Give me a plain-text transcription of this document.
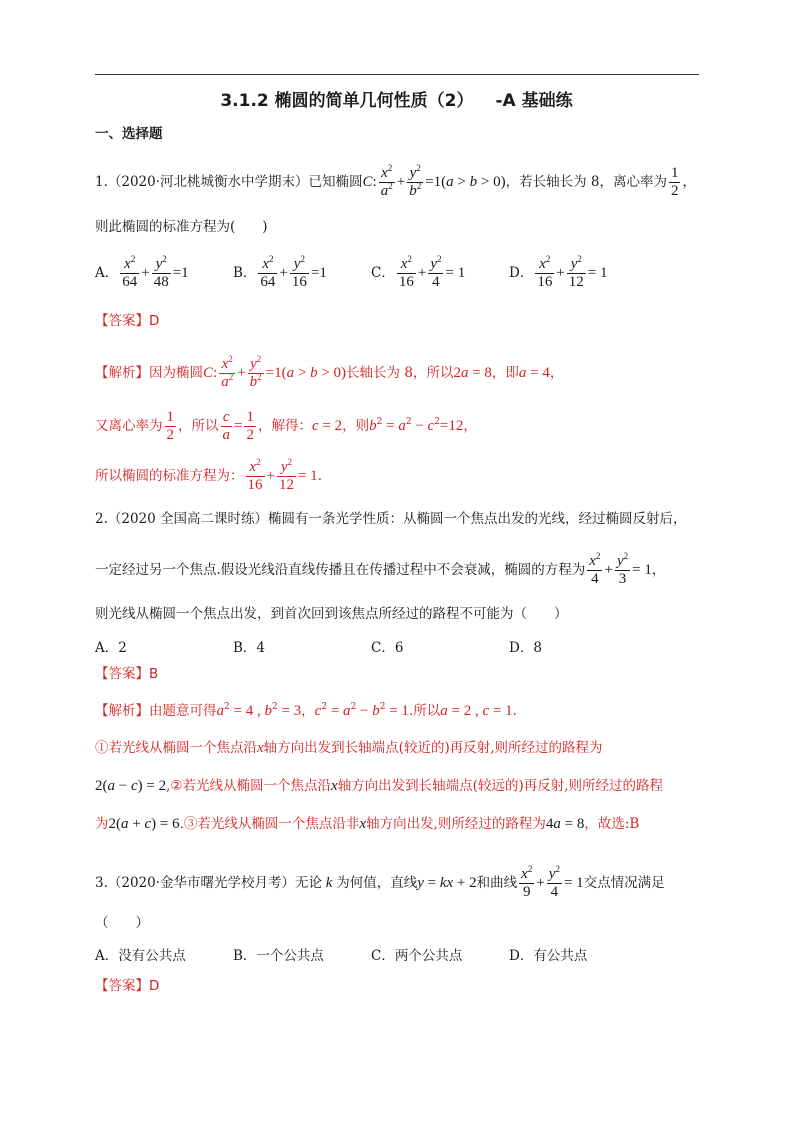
3.1.2 椭圆的简单几何性质（2） -A 基础练
一、选择题
1.（2020·河北桃城衡水中学期末）已知椭圆C: $\frac{x^2}{a^2} + \frac{y^2}{b^2} =1(a > b > 0)$，若长轴长为 8，离心率为 $\frac{1}{2}$ ，
则此椭圆的标准方程为(　　)
A． $\frac{x^2}{64} + \frac{y^2}{48} =1$	B． $\frac{x^2}{64} + \frac{y^2}{16} =1$	C． $\frac{x^2}{16} + \frac{y^2}{4} = 1$	D． $\frac{x^2}{16} + \frac{y^2}{12} = 1$
【答案】D
【解析】因为椭圆C: $\frac{x^2}{a^2} + \frac{y^2}{b^2} =1(a > b > 0)$长轴长为 8，所以2a = 8，即a = 4，
又离心率为 $\frac{1}{2}$ ，所以 $\frac{c}{a} = \frac{1}{2}$ ，解得：c = 2，则$b^2 = a^2 - c^2=12$，
所以椭圆的标准方程为： $\frac{x^2}{16} + \frac{y^2}{12} = 1$.
2.（2020 全国高二课时练）椭圆有一条光学性质：从椭圆一个焦点出发的光线，经过椭圆反射后，
一定经过另一个焦点.假设光线沿直线传播且在传播过程中不会衰减，椭圆的方程为 $\frac{x^2}{4} + \frac{y^2}{3} = 1$，
则光线从椭圆一个焦点出发，到首次回到该焦点所经过的路程不可能为（　　）
A．2	B．4	C．6	D．8
【答案】B
【解析】由题意可得$a^2 = 4$ , $b^2 = 3$，$c^2 = a^2 - b^2 = 1$.所以a = 2 , c = 1.
①若光线从椭圆一个焦点沿x轴方向出发到长轴端点(较近的)再反射,则所经过的路程为
2(a − c) = 2,②若光线从椭圆一个焦点沿x轴方向出发到长轴端点(较远的)再反射,则所经过的路程
为2(a + c) = 6.③若光线从椭圆一个焦点沿非x轴方向出发,则所经过的路程为4a = 8，故选:B
3.（2020·金华市曙光学校月考）无论 k 为何值，直线y = kx + 2和曲线 $\frac{x^2}{9} + \frac{y^2}{4} = 1$交点情况满足
（　　）
A．没有公共点	B．一个公共点	C．两个公共点	D．有公共点
【答案】D
